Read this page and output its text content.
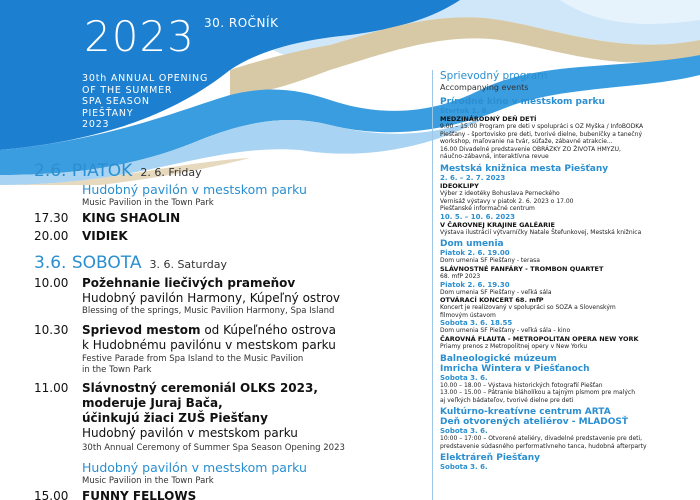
2023 30. ROČNÍK
30th ANNUAL OPENING
OF THE SUMMER
SPA SEASON
PIEŠŤANY
2023
2.6. PIATOK 2. 6. Friday
Hudobný pavilón v mestskom parku
Music Pavilion in the Town Park
17.30 KING SHAOLIN
20.00 VIDIEK
3.6. SOBOTA 3. 6. Saturday
10.00 Požehnanie liečivých prameňov
Hudobný pavilón Harmony, Kúpeľný ostrov
Blessing of the springs, Music Pavilion Harmony, Spa Island
10.30 Sprievod mestom od Kúpeľného ostrova
k Hudobnému pavilónu v mestskom parku
Festive Parade from Spa Island to the Music Pavilion
in the Town Park
11.00 Slávnostný ceremoniál OLKS 2023,
moderuje Juraj Bača,
účinkujú žiaci ZUŠ Piešťany
Hudobný pavilón v mestskom parku
30th Annual Ceremony of Summer Spa Season Opening 2023
Hudobný pavilón v mestskom parku
Music Pavilion in the Town Park
15.00 FUNNY FELLOWS
Sprievodný program
Accompanying events
Prírodné kino v mestskom parku
Štvrtok 1. 6.
MEDZINÁRODNÝ DEŇ DETÍ
9.00 – 15.00 Program pre deti v spolupráci s OZ Myška / InfoBODKA
Piešťany - športovisko pre deti, tvorivé dielne, bubeníčky a tanečný
workshop, maľovanie na tvár, súťaže, zábavné atrakcie...
16.00 Divadelné predstavenie OBRÁZKY ZO ŽIVOTA HMYZU,
náučno-zábavná, interaktívna revue
Mestská knižnica mesta Piešťany
2. 6. – 2. 7. 2023
IDEOKLIPY
Výber z ideotéky Bohuslava Perneckého
Vernisáž výstavy v piatok 2. 6. 2023 o 17.00
Piešťanské informačné centrum
10. 5. – 10. 6. 2023
V ČAROVNEJ KRAJINE GALÉARIE
Výstava ilustrácií výtvarníčky Natale Štefunkovej, Mestská knižnica
Dom umenia
Piatok 2. 6. 19.00
Dom umenia SF Piešťany - terasa
SLÁVNOSTNÉ FANFÁRY - TROMBON QUARTET
68. mfP 2023
Piatok 2. 6. 19.30
Dom umenia SF Piešťany - veľká sála
OTVÁRACÍ KONCERT 68. mfP
Koncert je realizovaný v spolupráci so SOZA a Slovenským
filmovým ústavom
Sobota 3. 6. 18.55
Dom umenia SF Piešťany - veľká sála - kino
ČAROVNÁ FLAUTA - METROPOLITAN OPERA NEW YORK
Priamy prenos z Metropolitnej opery v New Yorku
Balneologické múzeum
Imricha Wintera v Piešťanoch
Sobota 3. 6.
10.00 – 18.00 – Výstava historických fotografií Piešťan
13.00 – 15.00 – Pátranie bláholíkou a tajným písmom pre malých
aj veľkých bádateľov, tvorivé dielne pre deti
Kultúrno-kreatívne centrum ARTA
Deň otvorených ateliérov - MLADOSŤ
Sobota 3. 6.
10:00 – 17:00 – Otvorené ateliéry, divadelné predstavenie pre deti,
predstavenie súdasného performatívneho tanca, hudobná afterparty
Elektráreň Piešťany
Sobota 3. 6.
